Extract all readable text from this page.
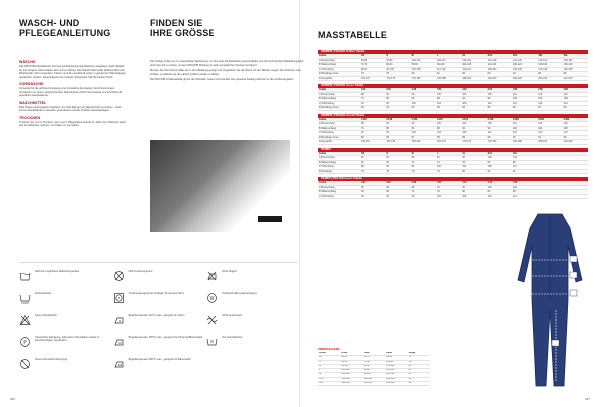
WASCH- UND
PFLEGEANLEITUNG
FINDEN SIE
IHRE GRÖSSE	MASSTABELLE
WÄSCHE
Alle PROJOB Arbeitskleider sind gut auf Wiederholungs-Waschen ausgelegt; beide Modelle für eine längere Lebensdauer sind und so wichtig. Das Waschmittel sollte farbfreundlich sein, Weichspüler nicht verwenden. Farben und die Leuchtkraft sollen in getrennten Waschgängen gewaschen werden. Dauerwäsche bei niedriger Temperatur hält die Farben frisch.
VORWÄSCHE
Verwende für die gröbste Reinigung eine Vorwäsche bei starken Verschmutzungen. Vorwäsche mit einem entsprechenden Waschmittel schützt die Gewebe und erleichtert die eigentliche Hauptwäsche.
WASCHMITTEL
Bitte Dosierungsvorgaben beachten. Zu hohe Mengen an Waschmittel vermeiden – diese können Rückstände im Gewebe verursachen und die Funktion beeinträchtigen.
TROCKNEN
Trocknen Sie nur im Trockner, wenn es im Pflegeetikett erlaubt ist. Nach dem Waschen sofort aus der Maschine nehmen, um Falten zu vermeiden.
Die richtige Größe ist von wesentlicher Bedeutung, um eine gute Arbeitskleidung auszuwählen und die hochwertigen Bekleidungsteile auch sinnvoll zu nutzen. Unsere PROJOB Kleidung ist nach europäischen Normen konzipiert.
Messen Sie Ihre Körpermaße wie in der Abbildung gezeigt und vergleichen Sie die Werte mit der Tabelle. Liegen Sie zwischen zwei Größen, empfehlen wir die nächst größere Größe zu wählen.
Die PROJOB Größentabelle gilt für die Oberteile, Hosen und Overalls. Der gesamte Katalog hält sich an die Größenangaben.
Darf bis empfohlene Waschtemperatur	Nicht trocknungsrein	Nicht bügeln
Schonwäsche	Trocknergeeignet bei niedriger Temperatur 60°C
W
Professionelle Lederreinigung
Keine Chlorbleiche	Bügeltemperatur 110°C max., geeignet für Nylon	Nicht auswringen
P
Chemische Reinigung, bitte keine Chemikalien außer im Perchlorethylen verwenden
Bügeltemperatur 150°C max., geeignet für Polyester/Baumwolle	Nur Handwäsche
Keine chemische Reinigung	Bügeltemperatur 200°C max., geeignet für Baumwolle
HERREN | PROJOB Größen Tabelle
Größe	XS	S	M	L	XL	XXL	3XL	4XL	5XL
A Brustumfang	84-88	92-96	100-104	108-112	116-120	124-128	132-136	140-144	148-152
B Taillenumfang	72-76	80-84	88-92	96-100	104-108	112-116	120-124	128-132	136-140
C Hüftumfang	88-92	96-100	104-108	112-116	120-124	128-132	136-140	144-148	152-156
D Beinlänge innen	78	79	80	81	82	83	84	85	86
Körpergröße	164-170	170-176	176-182	182-188	188-194	194-200	200-206	206-212	212-218
HERREN | PROJOB Hosen Tabelle
Größe	C44	C46	C48	C50	C52	C54	C56	C58	C60
A Brustumfang	88	92	96	100	104	108	112	116	120
B Taillenumfang	76	80	84	88	92	96	100	104	108
C Hüftumfang	92	96	100	104	108	112	116	120	124
D Beinlänge innen	80	81	82	83	84	85	86	87	88
HERREN | PROJOB Overall Tabelle
Größe	C146	C148	C150	C152	C154	C156	C158	C160	C162
A Brustumfang	88	92	96	100	104	108	112	116	120
B Taillenumfang	76	80	84	88	92	96	100	104	108
C Hüftumfang	92	96	100	104	108	112	116	120	124
D Beinlänge innen	86	86	87	88	89	90	91	92	93
Körpergröße	146-152	152-158	158-164	164-170	170-176	176-182	182-188	188-194	194-200
DAMEN
Größe	XS	S	M	L	XL	XXL	3XL		
A Brustumfang	80	84	88	92	96	100	104		
B Taillenumfang	62	66	70	74	78	82	86		
C Hüftumfang	88	92	96	100	104	108	112		
D Beinlänge	78	78	79	79	80	80	81		
DAMEN | PROJOB Hosen Tabelle
Größe	C34	C36	C38	C40	C42	C44	C46		
A Brustumfang	80	84	88	92	96	100	104		
B Taillenumfang	64	68	72	76	80	84	88		
C Hüftumfang	90	94	98	102	106	110	114		
KINDER/JUGEND
Größe	Brust	Taille	Hüfte	Länge
XS	80-88	68-74	86-92	76
S	88-96	74-82	92-100	78
M	96-104	82-90	100-108	80
L	104-112	90-98	108-116	82
XL	112-120	98-106	116-124	84
XXL	120-128	106-114	124-132	86
3XL	128-136	114-122	132-140	88
386	387
